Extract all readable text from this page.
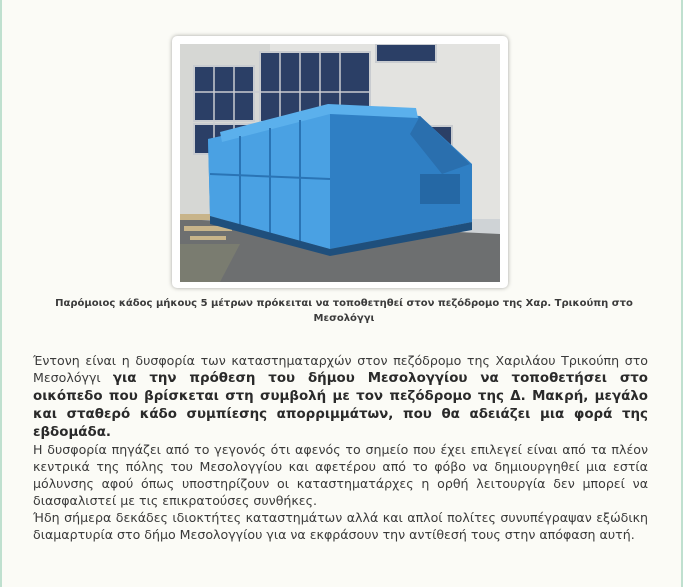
Παρόμοιος κάδος μήκους 5 μέτρων πρόκειται να τοποθετηθεί στον πεζόδρομο της Χαρ. Τρικούπη στο Μεσολόγγι

Έντονη είναι η δυσφορία των καταστηματαρχών στον πεζόδρομο της Χαριλάου Τρικούπη στο Μεσολόγγι για την πρόθεση του δήμου Μεσολογγίου να τοποθετήσει στο οικόπεδο που βρίσκεται στη συμβολή με τον πεζόδρομο της Δ. Μακρή, μεγάλο και σταθερό κάδο συμπίεσης απορριμμάτων, που θα αδειάζει μια φορά της εβδομάδα.

Η δυσφορία πηγάζει από το γεγονός ότι αφενός το σημείο που έχει επιλεγεί είναι από τα πλέον κεντρικά της πόλης του Μεσολογγίου και αφετέρου από το φόβο να δημιουργηθεί μια εστία μόλυνσης αφού όπως υποστηρίζουν οι καταστηματάρχες η ορθή λειτουργία δεν μπορεί να διασφαλιστεί με τις επικρατούσες συνθήκες.

Ήδη σήμερα δεκάδες ιδιοκτήτες καταστημάτων αλλά και απλοί πολίτες συνυπέγραψαν εξώδικη διαμαρτυρία στο δήμο Μεσολογγίου για να εκφράσουν την αντίθεσή τους στην απόφαση αυτή.
